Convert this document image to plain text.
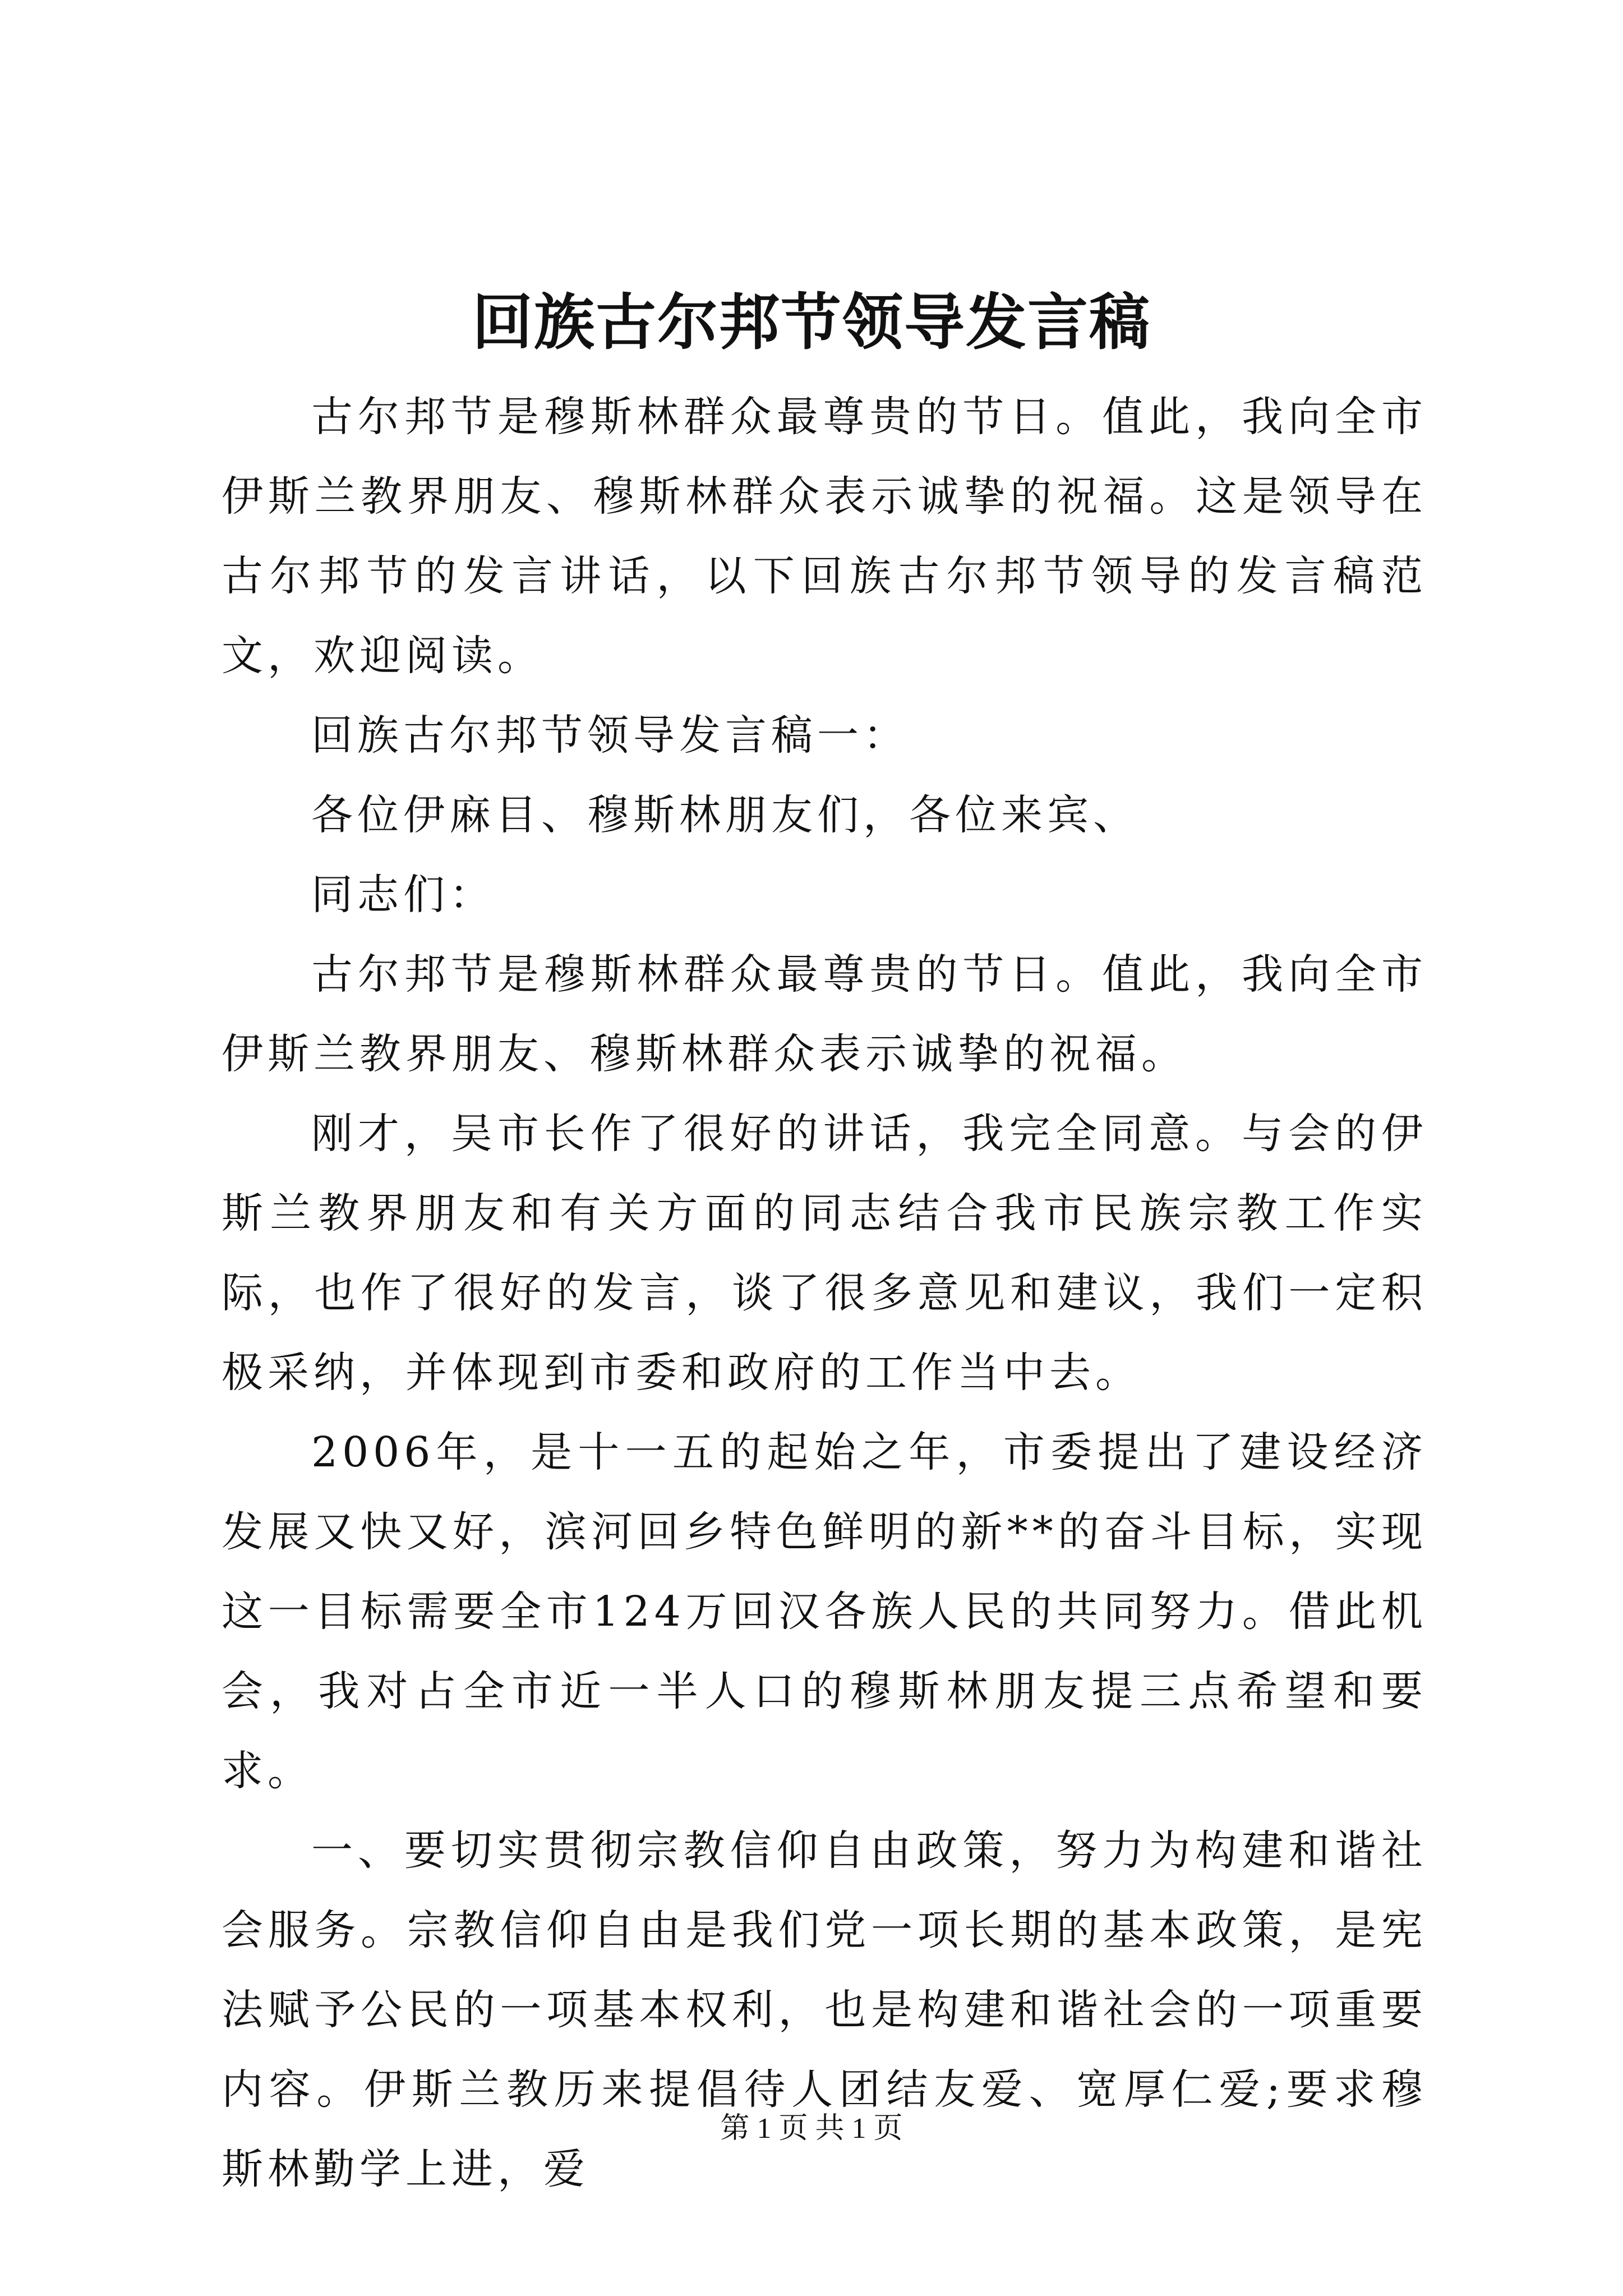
回族古尔邦节领导发言稿

古尔邦节是穆斯林群众最尊贵的节日。值此，我向全市伊斯兰教界朋友、穆斯林群众表示诚挚的祝福。这是领导在古尔邦节的发言讲话，以下回族古尔邦节领导的发言稿范文，欢迎阅读。

回族古尔邦节领导发言稿一：

各位伊麻目、穆斯林朋友们，各位来宾、

同志们：

古尔邦节是穆斯林群众最尊贵的节日。值此，我向全市伊斯兰教界朋友、穆斯林群众表示诚挚的祝福。

刚才，吴市长作了很好的讲话，我完全同意。与会的伊斯兰教界朋友和有关方面的同志结合我市民族宗教工作实际，也作了很好的发言，谈了很多意见和建议，我们一定积极采纳，并体现到市委和政府的工作当中去。

2006年，是十一五的起始之年，市委提出了建设经济发展又快又好，滨河回乡特色鲜明的新**的奋斗目标，实现这一目标需要全市124万回汉各族人民的共同努力。借此机会，我对占全市近一半人口的穆斯林朋友提三点希望和要求。

一、要切实贯彻宗教信仰自由政策，努力为构建和谐社会服务。宗教信仰自由是我们党一项长期的基本政策，是宪法赋予公民的一项基本权利，也是构建和谐社会的一项重要内容。伊斯兰教历来提倡待人团结友爱、宽厚仁爱;要求穆斯林勤学上进，爱

第 1 页 共 1 页
